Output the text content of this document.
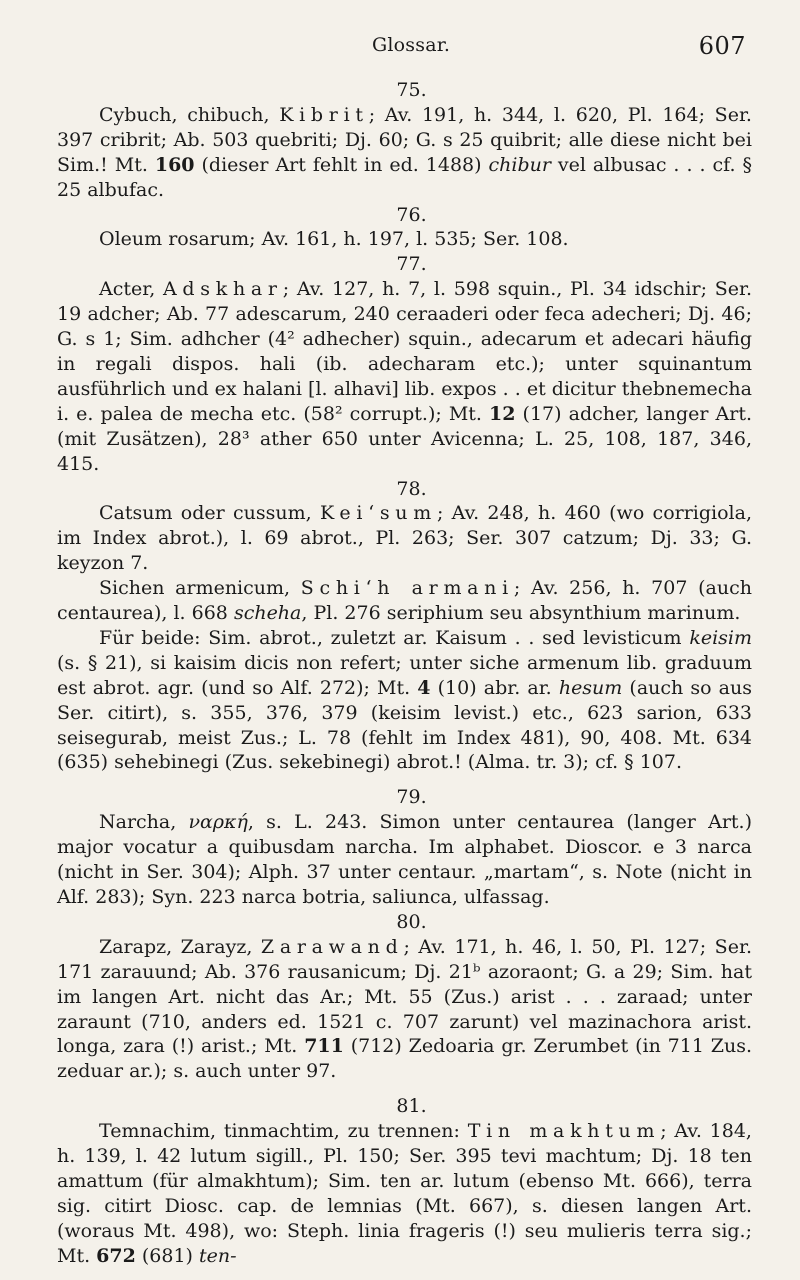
Glossar.	607
75.

Cybuch, chibuch, Kibrit; Av. 191, h. 344, l. 620, Pl. 164; Ser. 397 cribrit; Ab. 503 quebriti; Dj. 60; G. s 25 quibrit; alle diese nicht bei Sim.! Mt. 160 (dieser Art fehlt in ed. 1488) chibur vel albusac . . . cf. § 25 albufac.

76.

Oleum rosarum; Av. 161, h. 197, l. 535; Ser. 108.

77.

Acter, Adskhar; Av. 127, h. 7, l. 598 squin., Pl. 34 idschir; Ser. 19 adcher; Ab. 77 adescarum, 240 ceraaderi oder feca adecheri; Dj. 46; G. s 1; Sim. adhcher (4² adhecher) squin., adecarum et adecari häufig in regali dispos. hali (ib. adecharam etc.); unter squinantum ausführlich und ex halani [l. alhavi] lib. expos . . et dicitur thebnemecha i. e. palea de mecha etc. (58² corrupt.); Mt. 12 (17) adcher, langer Art. (mit Zusätzen), 28³ ather 650 unter Avicenna; L. 25, 108, 187, 346, 415.

78.

Catsum oder cussum, Kei‘sum; Av. 248, h. 460 (wo corrigiola, im Index abrot.), l. 69 abrot., Pl. 263; Ser. 307 catzum; Dj. 33; G. keyzon 7.

Sichen armenicum, Schi‘h armani; Av. 256, h. 707 (auch centaurea), l. 668 scheha, Pl. 276 seriphium seu absynthium marinum.

Für beide: Sim. abrot., zuletzt ar. Kaisum . . sed levisticum keisim (s. § 21), si kaisim dicis non refert; unter siche armenum lib. graduum est abrot. agr. (und so Alf. 272); Mt. 4 (10) abr. ar. hesum (auch so aus Ser. citirt), s. 355, 376, 379 (keisim levist.) etc., 623 sarion, 633 seisegurab, meist Zus.; L. 78 (fehlt im Index 481), 90, 408. Mt. 634 (635) sehebinegi (Zus. sekebinegi) abrot.! (Alma. tr. 3); cf. § 107.

79.

Narcha, ναρκή, s. L. 243. Simon unter centaurea (langer Art.) major vocatur a quibusdam narcha. Im alphabet. Dioscor. e 3 narca (nicht in Ser. 304); Alph. 37 unter centaur. „martam“, s. Note (nicht in Alf. 283); Syn. 223 narca botria, saliunca, ulfassag.

80.

Zarapz, Zarayz, Zarawand; Av. 171, h. 46, l. 50, Pl. 127; Ser. 171 zarauund; Ab. 376 rausanicum; Dj. 21ᵇ azoraont; G. a 29; Sim. hat im langen Art. nicht das Ar.; Mt. 55 (Zus.) arist . . . zaraad; unter zaraunt (710, anders ed. 1521 c. 707 zarunt) vel mazinachora arist. longa, zara (!) arist.; Mt. 711 (712) Zedoaria gr. Zerumbet (in 711 Zus. zeduar ar.); s. auch unter 97.

81.

Temnachim, tinmachtim, zu trennen: Tin makhtum; Av. 184, h. 139, l. 42 lutum sigill., Pl. 150; Ser. 395 tevi machtum; Dj. 18 ten amattum (für almakhtum); Sim. ten ar. lutum (ebenso Mt. 666), terra sig. citirt Diosc. cap. de lemnias (Mt. 667), s. diesen langen Art. (woraus Mt. 498), wo: Steph. linia frageris (!) seu mulieris terra sig.; Mt. 672 (681) ten-
